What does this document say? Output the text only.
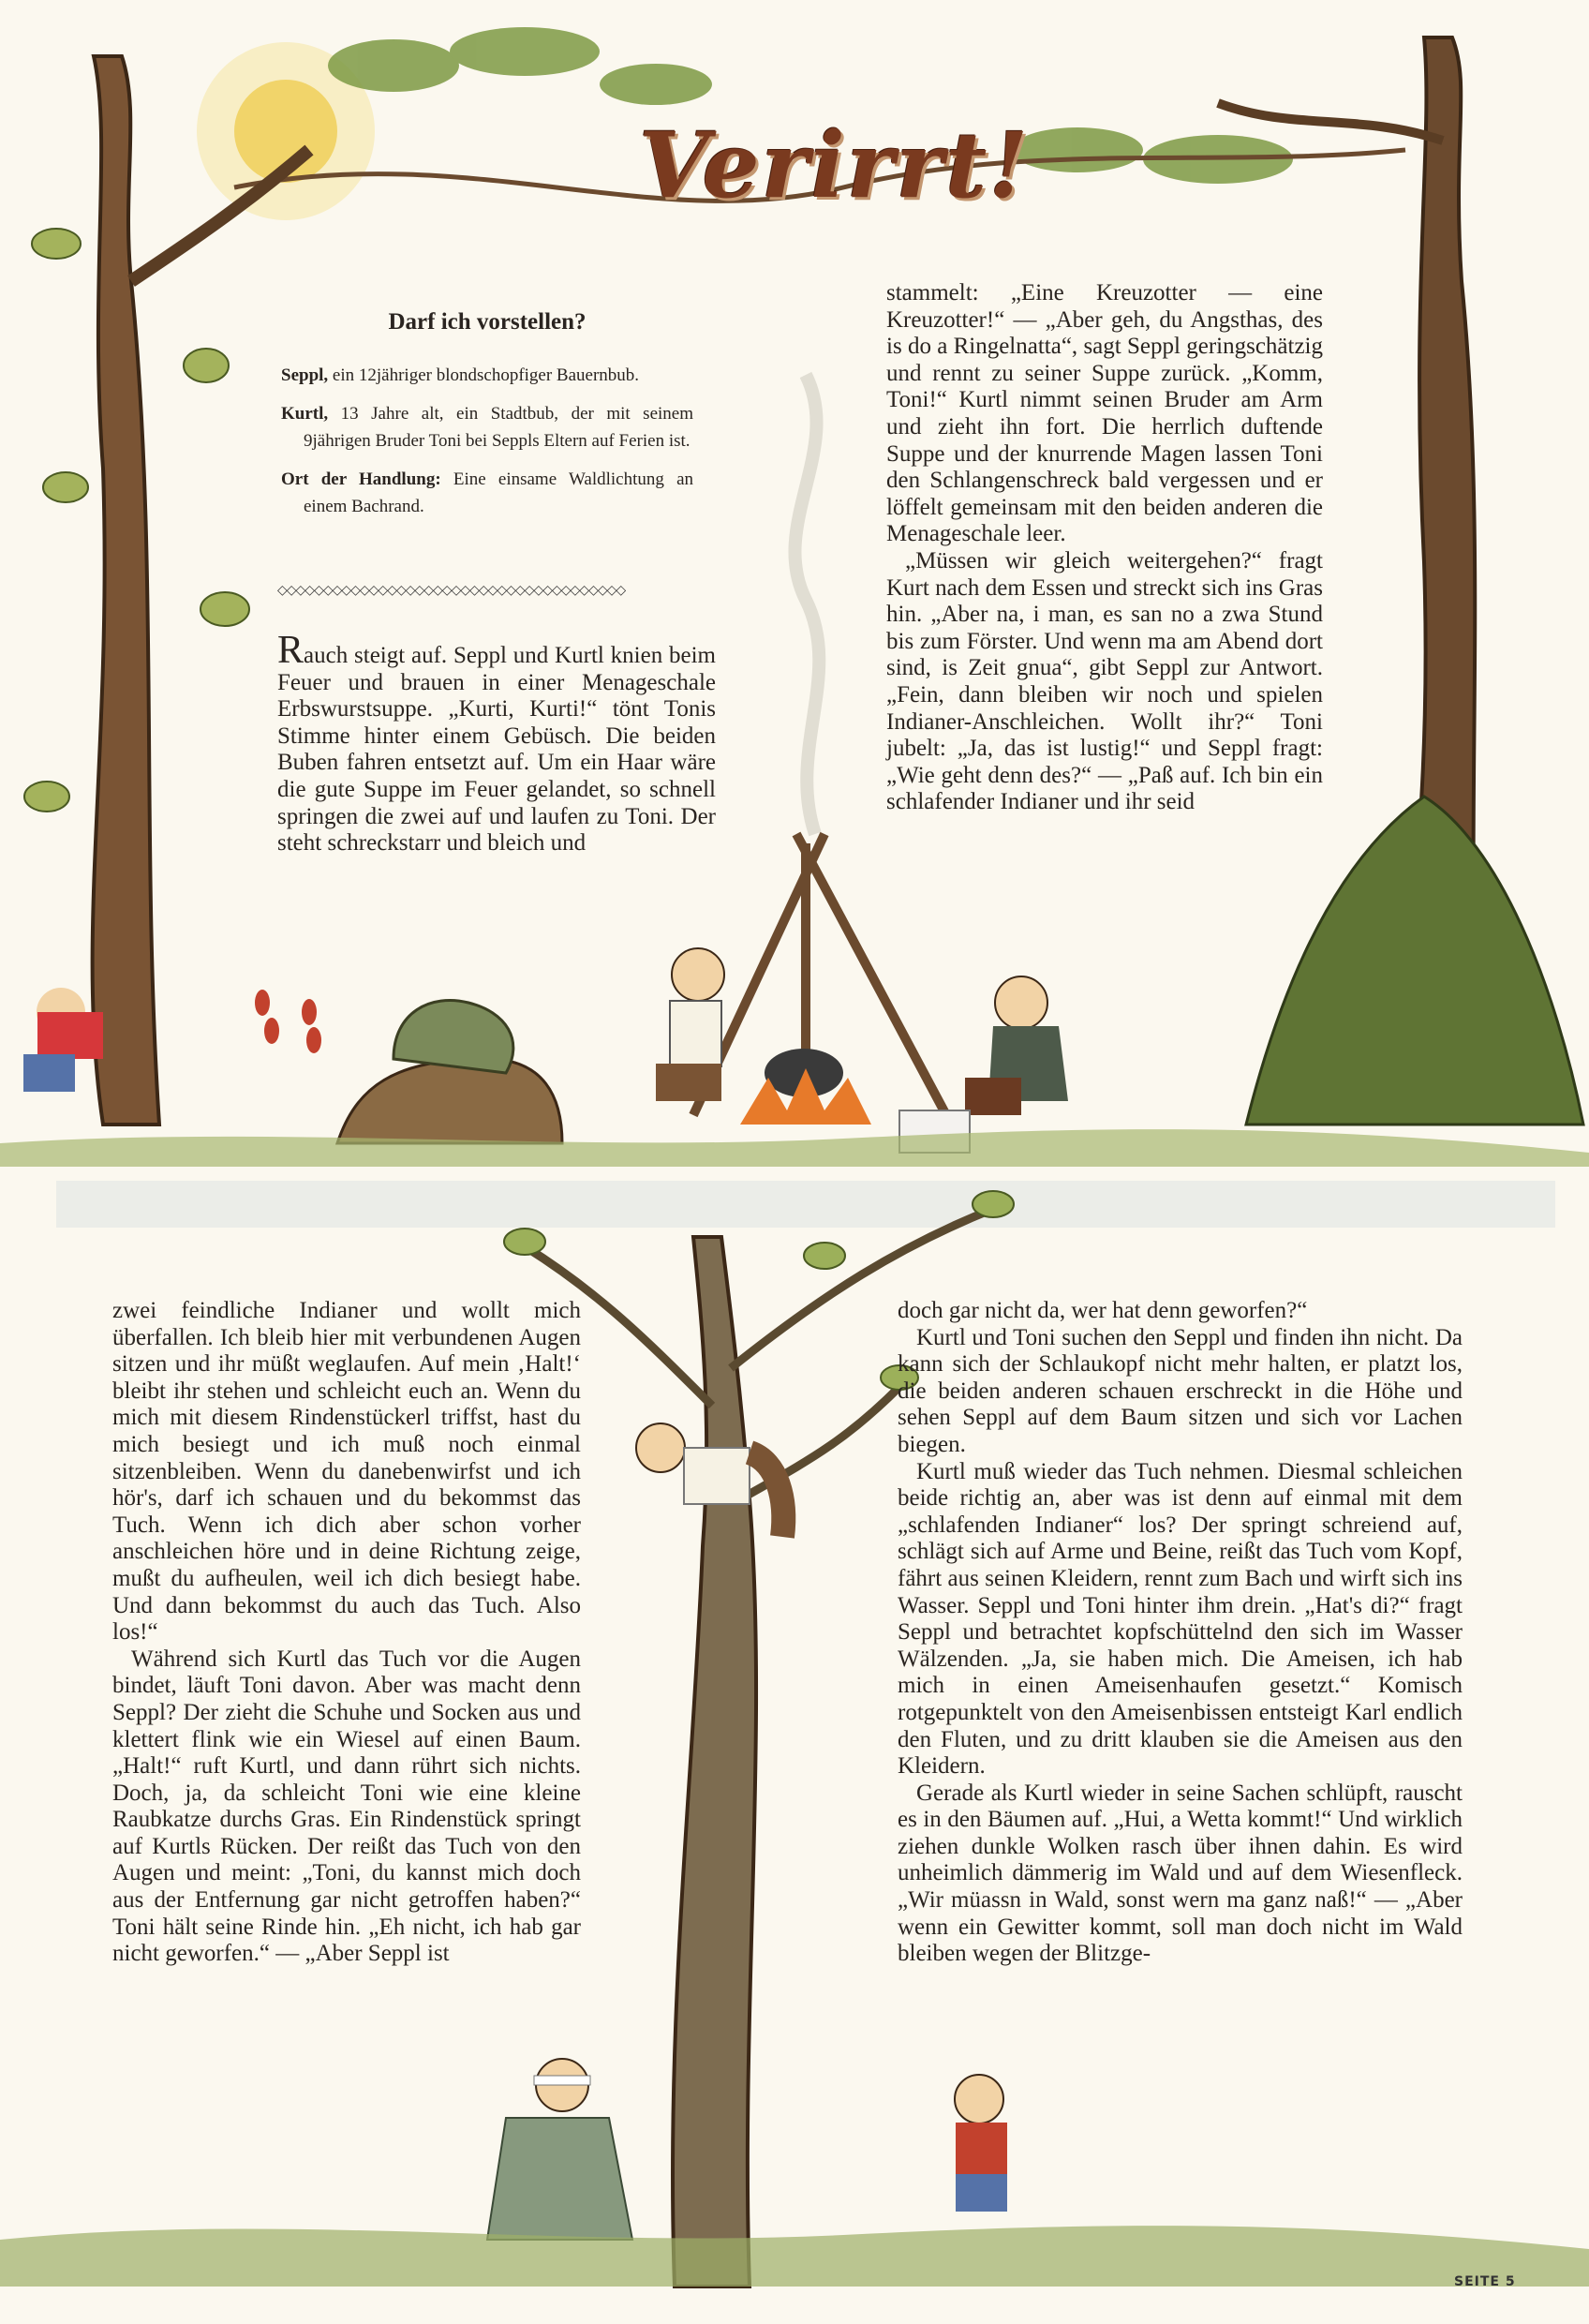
Verirrt!
Darf ich vorstellen?

Seppl, ein 12jähriger blondschopfiger Bauernbub.

Kurtl, 13 Jahre alt, ein Stadtbub, der mit seinem 9jährigen Bruder Toni bei Seppls Eltern auf Ferien ist.

Ort der Handlung: Eine einsame Waldlichtung an einem Bachrand.

◇◇◇◇◇◇◇◇◇◇◇◇◇◇◇◇◇◇◇◇◇◇◇◇◇◇◇◇◇◇◇◇◇◇◇◇◇◇

Rauch steigt auf. Seppl und Kurtl knien beim Feuer und brauen in einer Menageschale Erbswurstsuppe. „Kurti, Kurti!“ tönt Tonis Stimme hinter einem Gebüsch. Die beiden Buben fahren entsetzt auf. Um ein Haar wäre die gute Suppe im Feuer gelandet, so schnell springen die zwei auf und laufen zu Toni. Der steht schreckstarr und bleich und

stammelt: „Eine Kreuzotter — eine Kreuzotter!“ — „Aber geh, du Angsthas, des is do a Ringelnatta“, sagt Seppl geringschätzig und rennt zu seiner Suppe zurück. „Komm, Toni!“ Kurtl nimmt seinen Bruder am Arm und zieht ihn fort. Die herrlich duftende Suppe und der knurrende Magen lassen Toni den Schlangenschreck bald vergessen und er löffelt gemeinsam mit den beiden anderen die Menageschale leer.

„Müssen wir gleich weitergehen?“ fragt Kurt nach dem Essen und streckt sich ins Gras hin. „Aber na, i man, es san no a zwa Stund bis zum Förster. Und wenn ma am Abend dort sind, is Zeit gnua“, gibt Seppl zur Antwort. „Fein, dann bleiben wir noch und spielen Indianer-Anschleichen. Wollt ihr?“ Toni jubelt: „Ja, das ist lustig!“ und Seppl fragt: „Wie geht denn des?“ — „Paß auf. Ich bin ein schlafender Indianer und ihr seid

zwei feindliche Indianer und wollt mich überfallen. Ich bleib hier mit verbundenen Augen sitzen und ihr müßt weglaufen. Auf mein ‚Halt!‘ bleibt ihr stehen und schleicht euch an. Wenn du mich mit diesem Rindenstückerl triffst, hast du mich besiegt und ich muß noch einmal sitzenbleiben. Wenn du danebenwirfst und ich hör's, darf ich schauen und du bekommst das Tuch. Wenn ich dich aber schon vorher anschleichen höre und in deine Richtung zeige, mußt du aufheulen, weil ich dich besiegt habe. Und dann bekommst du auch das Tuch. Also los!“

Während sich Kurtl das Tuch vor die Augen bindet, läuft Toni davon. Aber was macht denn Seppl? Der zieht die Schuhe und Socken aus und klettert flink wie ein Wiesel auf einen Baum. „Halt!“ ruft Kurtl, und dann rührt sich nichts. Doch, ja, da schleicht Toni wie eine kleine Raubkatze durchs Gras. Ein Rindenstück springt auf Kurtls Rücken. Der reißt das Tuch von den Augen und meint: „Toni, du kannst mich doch aus der Entfernung gar nicht getroffen haben?“ Toni hält seine Rinde hin. „Eh nicht, ich hab gar nicht geworfen.“ — „Aber Seppl ist

doch gar nicht da, wer hat denn geworfen?“

Kurtl und Toni suchen den Seppl und finden ihn nicht. Da kann sich der Schlaukopf nicht mehr halten, er platzt los, die beiden anderen schauen erschreckt in die Höhe und sehen Seppl auf dem Baum sitzen und sich vor Lachen biegen.

Kurtl muß wieder das Tuch nehmen. Diesmal schleichen beide richtig an, aber was ist denn auf einmal mit dem „schlafenden Indianer“ los? Der springt schreiend auf, schlägt sich auf Arme und Beine, reißt das Tuch vom Kopf, fährt aus seinen Kleidern, rennt zum Bach und wirft sich ins Wasser. Seppl und Toni hinter ihm drein. „Hat's di?“ fragt Seppl und betrachtet kopfschüttelnd den sich im Wasser Wälzenden. „Ja, sie haben mich. Die Ameisen, ich hab mich in einen Ameisenhaufen gesetzt.“ Komisch rotgepunktelt von den Ameisenbissen entsteigt Karl endlich den Fluten, und zu dritt klauben sie die Ameisen aus den Kleidern.

Gerade als Kurtl wieder in seine Sachen schlüpft, rauscht es in den Bäumen auf. „Hui, a Wetta kommt!“ Und wirklich ziehen dunkle Wolken rasch über ihnen dahin. Es wird unheimlich dämmerig im Wald und auf dem Wiesenfleck. „Wir müassn in Wald, sonst wern ma ganz naß!“ — „Aber wenn ein Gewitter kommt, soll man doch nicht im Wald bleiben wegen der Blitzge-

SEITE 5
